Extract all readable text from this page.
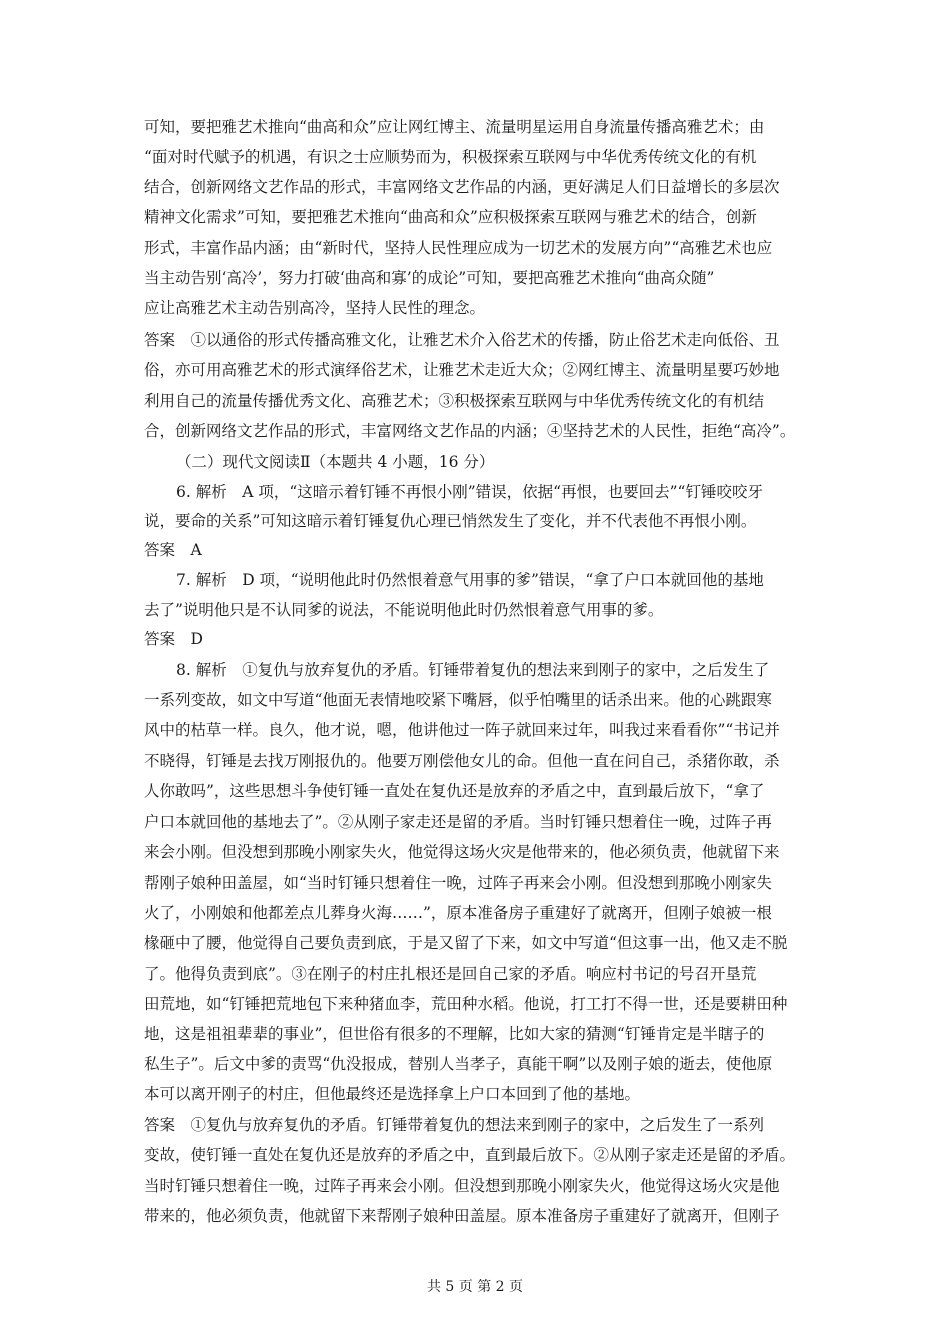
可知，要把雅艺术推向“曲高和众”应让网红博主、流量明星运用自身流量传播高雅艺术；由
“面对时代赋予的机遇，有识之士应顺势而为，积极探索互联网与中华优秀传统文化的有机
结合，创新网络文艺作品的形式，丰富网络文艺作品的内涵，更好满足人们日益增长的多层次
精神文化需求”可知，要把雅艺术推向“曲高和众”应积极探索互联网与雅艺术的结合，创新
形式，丰富作品内涵；由“新时代，坚持人民性理应成为一切艺术的发展方向”“高雅艺术也应
当主动告别‘高冷’，努力打破‘曲高和寡’的成论”可知，要把高雅艺术推向“曲高众随”
应让高雅艺术主动告别高冷，坚持人民性的理念。
答案　①以通俗的形式传播高雅文化，让雅艺术介入俗艺术的传播，防止俗艺术走向低俗、丑
俗，亦可用高雅艺术的形式演绎俗艺术，让雅艺术走近大众；②网红博主、流量明星要巧妙地
利用自己的流量传播优秀文化、高雅艺术；③积极探索互联网与中华优秀传统文化的有机结
合，创新网络文艺作品的形式，丰富网络文艺作品的内涵；④坚持艺术的人民性，拒绝“高冷”。
（二）现代文阅读Ⅱ（本题共 4 小题，16 分）
6. 解析　A 项，“这暗示着钉锤不再恨小刚”错误，依据“再恨，也要回去”“钉锤咬咬牙
说，要命的关系”可知这暗示着钉锤复仇心理已悄然发生了变化，并不代表他不再恨小刚。
答案　A
7. 解析　D 项，“说明他此时仍然恨着意气用事的爹”错误，“拿了户口本就回他的基地
去了”说明他只是不认同爹的说法，不能说明他此时仍然恨着意气用事的爹。
答案　D
8. 解析　①复仇与放弃复仇的矛盾。钉锤带着复仇的想法来到刚子的家中，之后发生了
一系列变故，如文中写道“他面无表情地咬紧下嘴唇，似乎怕嘴里的话杀出来。他的心跳跟寒
风中的枯草一样。良久，他才说，嗯，他讲他过一阵子就回来过年，叫我过来看看你”“书记并
不晓得，钉锤是去找万刚报仇的。他要万刚偿他女儿的命。但他一直在问自己，杀猪你敢，杀
人你敢吗”，这些思想斗争使钉锤一直处在复仇还是放弃的矛盾之中，直到最后放下，“拿了
户口本就回他的基地去了”。②从刚子家走还是留的矛盾。当时钉锤只想着住一晚，过阵子再
来会小刚。但没想到那晚小刚家失火，他觉得这场火灾是他带来的，他必须负责，他就留下来
帮刚子娘种田盖屋，如“当时钉锤只想着住一晚，过阵子再来会小刚。但没想到那晚小刚家失
火了，小刚娘和他都差点儿葬身火海……”，原本准备房子重建好了就离开，但刚子娘被一根
椽砸中了腰，他觉得自己要负责到底，于是又留了下来，如文中写道“但这事一出，他又走不脱
了。他得负责到底”。③在刚子的村庄扎根还是回自己家的矛盾。响应村书记的号召开垦荒
田荒地，如“钉锤把荒地包下来种猪血李，荒田种水稻。他说，打工打不得一世，还是要耕田种
地，这是祖祖辈辈的事业”，但世俗有很多的不理解，比如大家的猜测“钉锤肯定是半瞎子的
私生子”。后文中爹的责骂“仇没报成，替别人当孝子，真能干啊”以及刚子娘的逝去，使他原
本可以离开刚子的村庄，但他最终还是选择拿上户口本回到了他的基地。
答案　①复仇与放弃复仇的矛盾。钉锤带着复仇的想法来到刚子的家中，之后发生了一系列
变故，使钉锤一直处在复仇还是放弃的矛盾之中，直到最后放下。②从刚子家走还是留的矛盾。
当时钉锤只想着住一晚，过阵子再来会小刚。但没想到那晚小刚家失火，他觉得这场火灾是他
带来的，他必须负责，他就留下来帮刚子娘种田盖屋。原本准备房子重建好了就离开，但刚子
共 5 页 第 2 页
